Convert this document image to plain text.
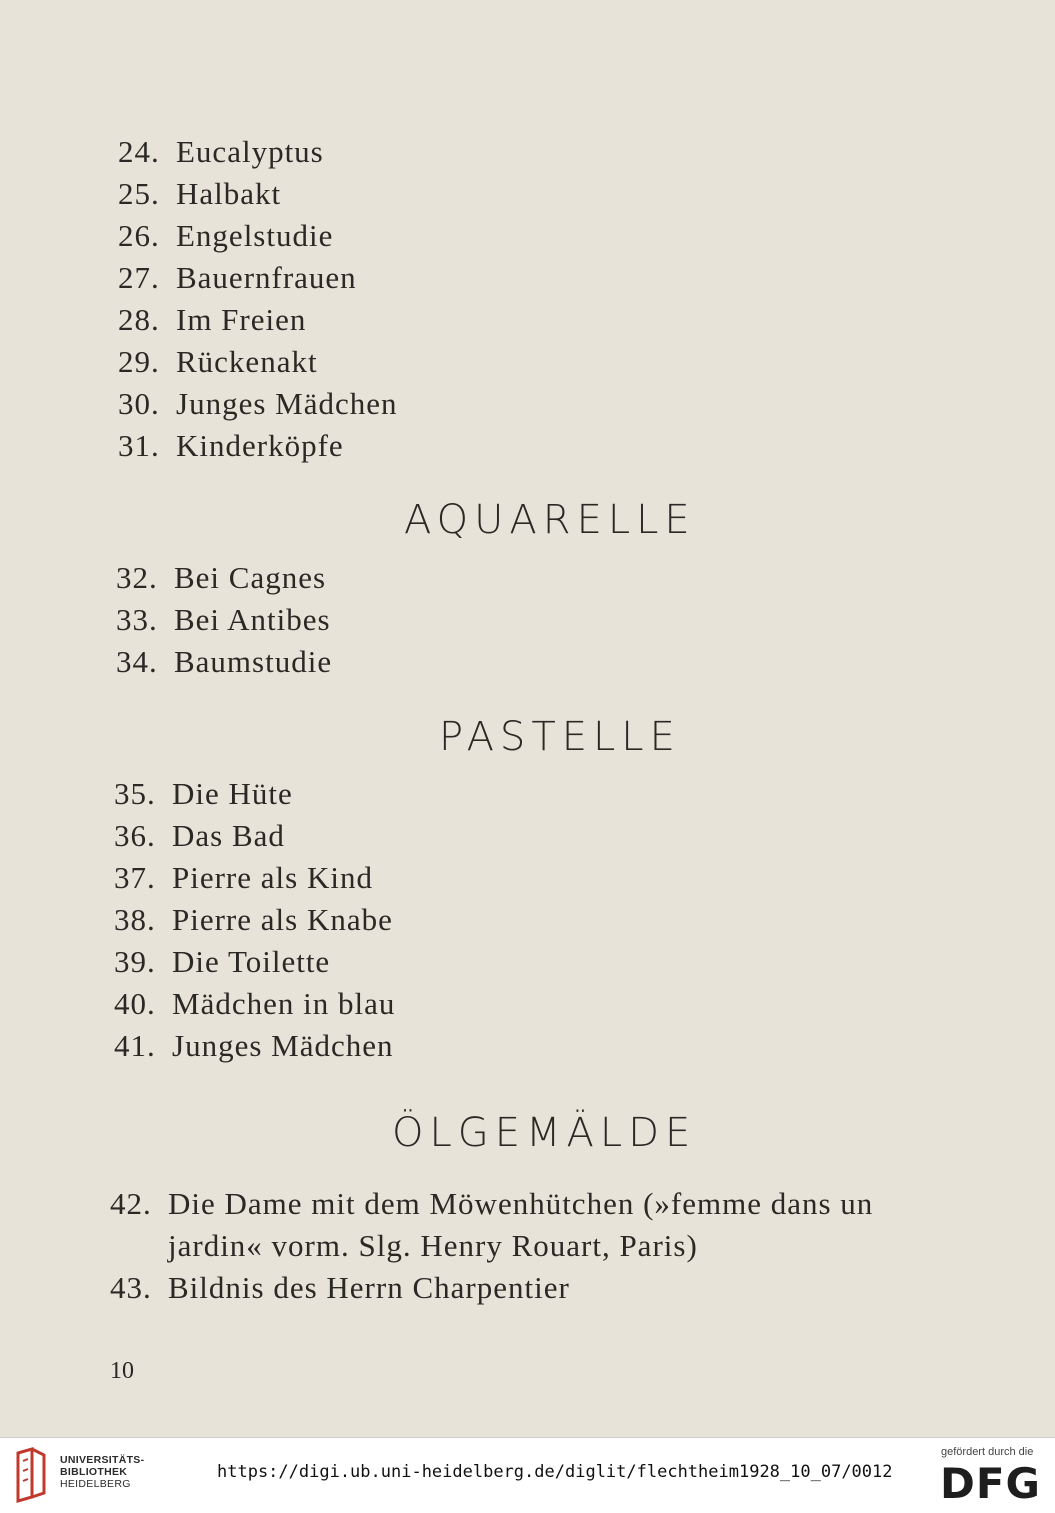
24. Eucalyptus
25. Halbakt
26. Engelstudie
27. Bauernfrauen
28. Im Freien
29. Rückenakt
30. Junges Mädchen
31. Kinderköpfe
AQUARELLE
32. Bei Cagnes
33. Bei Antibes
34. Baumstudie
PASTELLE
35. Die Hüte
36. Das Bad
37. Pierre als Kind
38. Pierre als Knabe
39. Die Toilette
40. Mädchen in blau
41. Junges Mädchen
ÖLGEMÄLDE
42. Die Dame mit dem Möwenhütchen (»femme dans un
jardin« vorm. Slg. Henry Rouart, Paris)
43. Bildnis des Herrn Charpentier
10
UNIVERSITÄTS-
BIBLIOTHEK
HEIDELBERG
https://digi.ub.uni-heidelberg.de/diglit/flechtheim1928_10_07/0012
gefördert durch die
DFG
